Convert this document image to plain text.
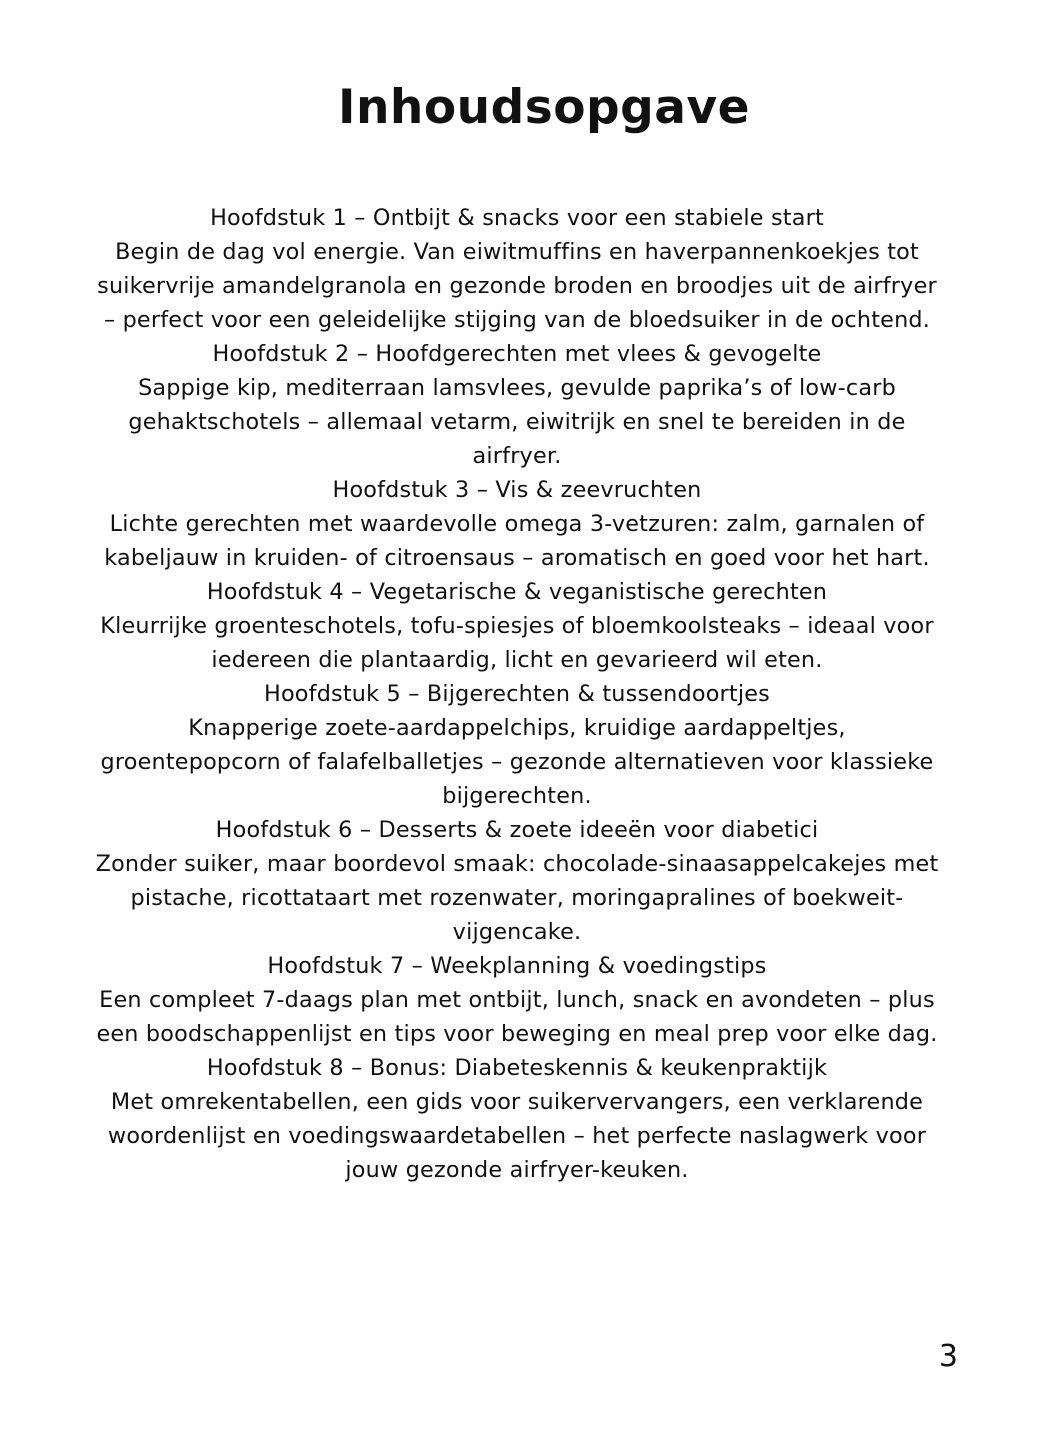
Inhoudsopgave
Hoofdstuk 1 – Ontbijt & snacks voor een stabiele start
Begin de dag vol energie. Van eiwitmuffins en haverpannenkoekjes tot suikervrije amandelgranola en gezonde broden en broodjes uit de airfryer – perfect voor een geleidelijke stijging van de bloedsuiker in de ochtend.
Hoofdstuk 2 – Hoofdgerechten met vlees & gevogelte
Sappige kip, mediterraan lamsvlees, gevulde paprika’s of low-carb gehaktschotels – allemaal vetarm, eiwitrijk en snel te bereiden in de airfryer.
Hoofdstuk 3 – Vis & zeevruchten
Lichte gerechten met waardevolle omega 3-vetzuren: zalm, garnalen of kabeljauw in kruiden- of citroensaus – aromatisch en goed voor het hart.
Hoofdstuk 4 – Vegetarische & veganistische gerechten
Kleurrijke groenteschotels, tofu-spiesjes of bloemkoolsteaks – ideaal voor iedereen die plantaardig, licht en gevarieerd wil eten.
Hoofdstuk 5 – Bijgerechten & tussendoortjes
Knapperige zoete-aardappelchips, kruidige aardappeltjes, groentepopcorn of falafelballetjes – gezonde alternatieven voor klassieke bijgerechten.
Hoofdstuk 6 – Desserts & zoete ideeën voor diabetici
Zonder suiker, maar boordevol smaak: chocolade-sinaasappelcakejes met pistache, ricottataart met rozenwater, moringapralines of boekweit-vijgencake.
Hoofdstuk 7 – Weekplanning & voedingstips
Een compleet 7-daags plan met ontbijt, lunch, snack en avondeten – plus een boodschappenlijst en tips voor beweging en meal prep voor elke dag.
Hoofdstuk 8 – Bonus: Diabeteskennis & keukenpraktijk
Met omrekentabellen, een gids voor suikervervangers, een verklarende woordenlijst en voedingswaardetabellen – het perfecte naslagwerk voor jouw gezonde airfryer-keuken.
3
